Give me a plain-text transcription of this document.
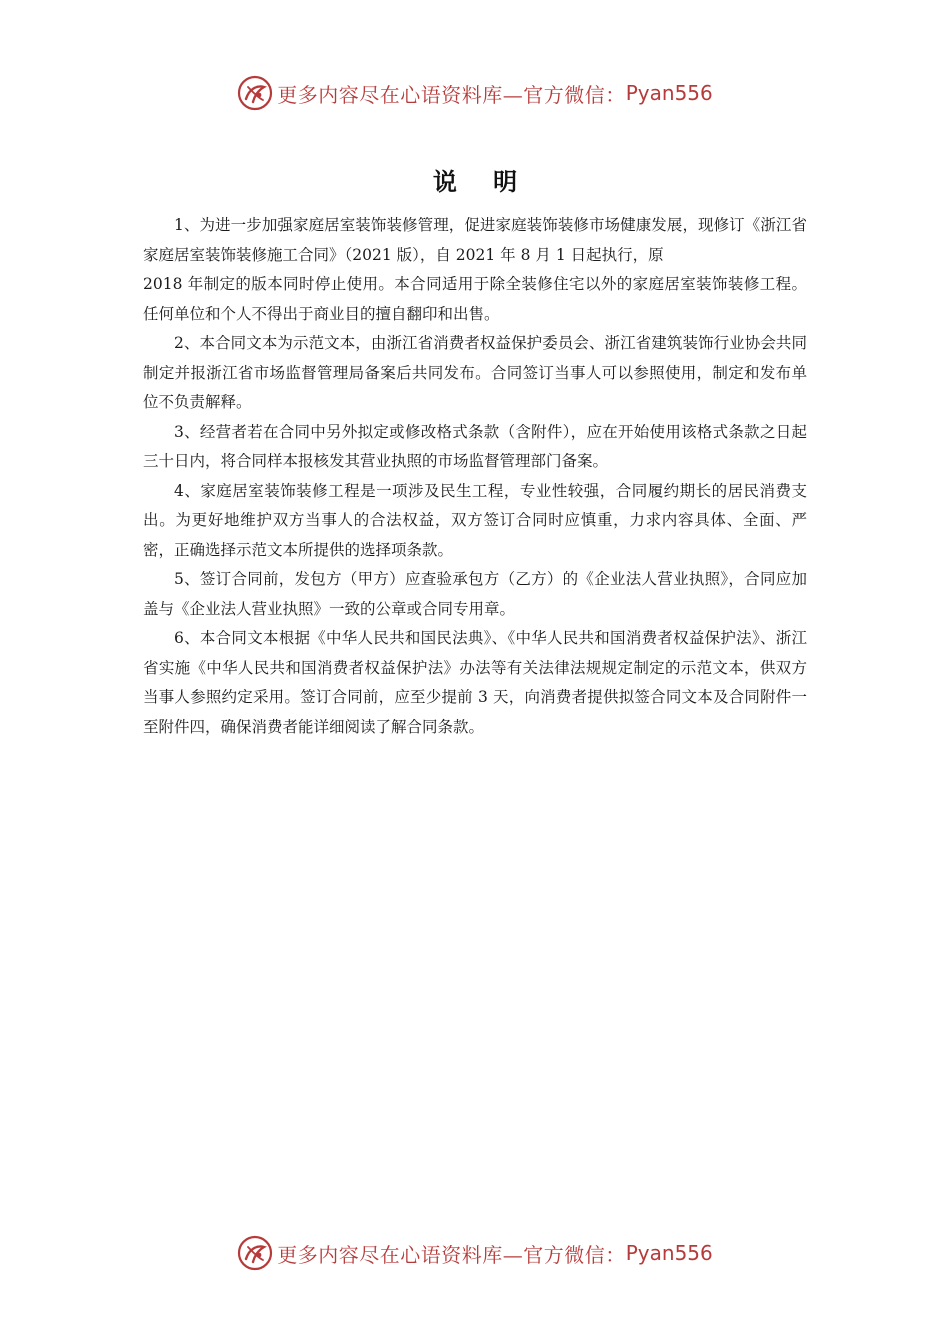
更多内容尽在心语资料库—官方微信： Pyan556
说 明

1、为进一步加强家庭居室装饰装修管理，促进家庭装饰装修市场健康发展，现修订《浙江省家庭居室装饰装修施工合同》（2021 版），自 2021 年 8 月 1 日起执行，原

2018 年制定的版本同时停止使用。本合同适用于除全装修住宅以外的家庭居室装饰装修工程。任何单位和个人不得出于商业目的擅自翻印和出售。

2、本合同文本为示范文本，由浙江省消费者权益保护委员会、浙江省建筑装饰行业协会共同制定并报浙江省市场监督管理局备案后共同发布。合同签订当事人可以参照使用，制定和发布单位不负责解释。

3、经营者若在合同中另外拟定或修改格式条款（含附件），应在开始使用该格式条款之日起三十日内，将合同样本报核发其营业执照的市场监督管理部门备案。

4、家庭居室装饰装修工程是一项涉及民生工程，专业性较强，合同履约期长的居民消费支出。为更好地维护双方当事人的合法权益，双方签订合同时应慎重，力求内容具体、全面、严密，正确选择示范文本所提供的选择项条款。

5、签订合同前，发包方（甲方）应查验承包方（乙方）的《企业法人营业执照》，合同应加盖与《企业法人营业执照》一致的公章或合同专用章。

6、本合同文本根据《中华人民共和国民法典》、《中华人民共和国消费者权益保护法》、浙江省实施《中华人民共和国消费者权益保护法》办法等有关法律法规规定制定的示范文本，供双方当事人参照约定采用。签订合同前，应至少提前 3 天，向消费者提供拟签合同文本及合同附件一至附件四，确保消费者能详细阅读了解合同条款。

更多内容尽在心语资料库—官方微信： Pyan556
